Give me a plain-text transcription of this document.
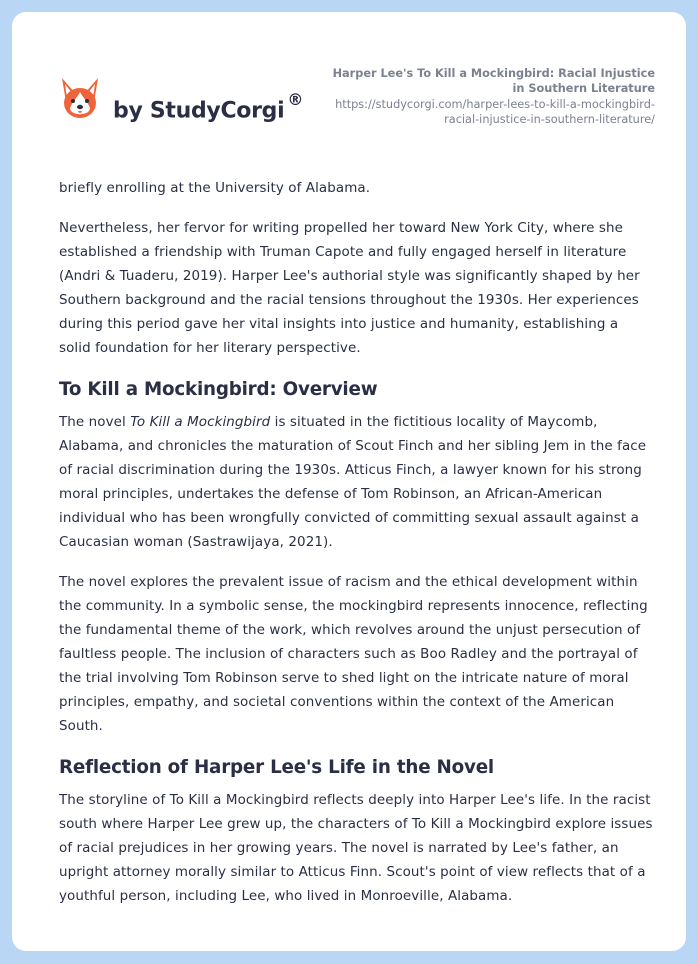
by StudyCorgi ®
Harper Lee's To Kill a Mockingbird: Racial Injustice in Southern Literature
https://studycorgi.com/harper-lees-to-kill-a-mockingbird-racial-injustice-in-southern-literature/

briefly enrolling at the University of Alabama.

Nevertheless, her fervor for writing propelled her toward New York City, where she established a friendship with Truman Capote and fully engaged herself in literature (Andri & Tuaderu, 2019). Harper Lee's authorial style was significantly shaped by her Southern background and the racial tensions throughout the 1930s. Her experiences during this period gave her vital insights into justice and humanity, establishing a solid foundation for her literary perspective.

To Kill a Mockingbird: Overview

The novel To Kill a Mockingbird is situated in the fictitious locality of Maycomb, Alabama, and chronicles the maturation of Scout Finch and her sibling Jem in the face of racial discrimination during the 1930s. Atticus Finch, a lawyer known for his strong moral principles, undertakes the defense of Tom Robinson, an African-American individual who has been wrongfully convicted of committing sexual assault against a Caucasian woman (Sastrawijaya, 2021).

The novel explores the prevalent issue of racism and the ethical development within the community. In a symbolic sense, the mockingbird represents innocence, reflecting the fundamental theme of the work, which revolves around the unjust persecution of faultless people. The inclusion of characters such as Boo Radley and the portrayal of the trial involving Tom Robinson serve to shed light on the intricate nature of moral principles, empathy, and societal conventions within the context of the American South.

Reflection of Harper Lee's Life in the Novel

The storyline of To Kill a Mockingbird reflects deeply into Harper Lee's life. In the racist south where Harper Lee grew up, the characters of To Kill a Mockingbird explore issues of racial prejudices in her growing years. The novel is narrated by Lee's father, an upright attorney morally similar to Atticus Finn. Scout's point of view reflects that of a youthful person, including Lee, who lived in Monroeville, Alabama.
